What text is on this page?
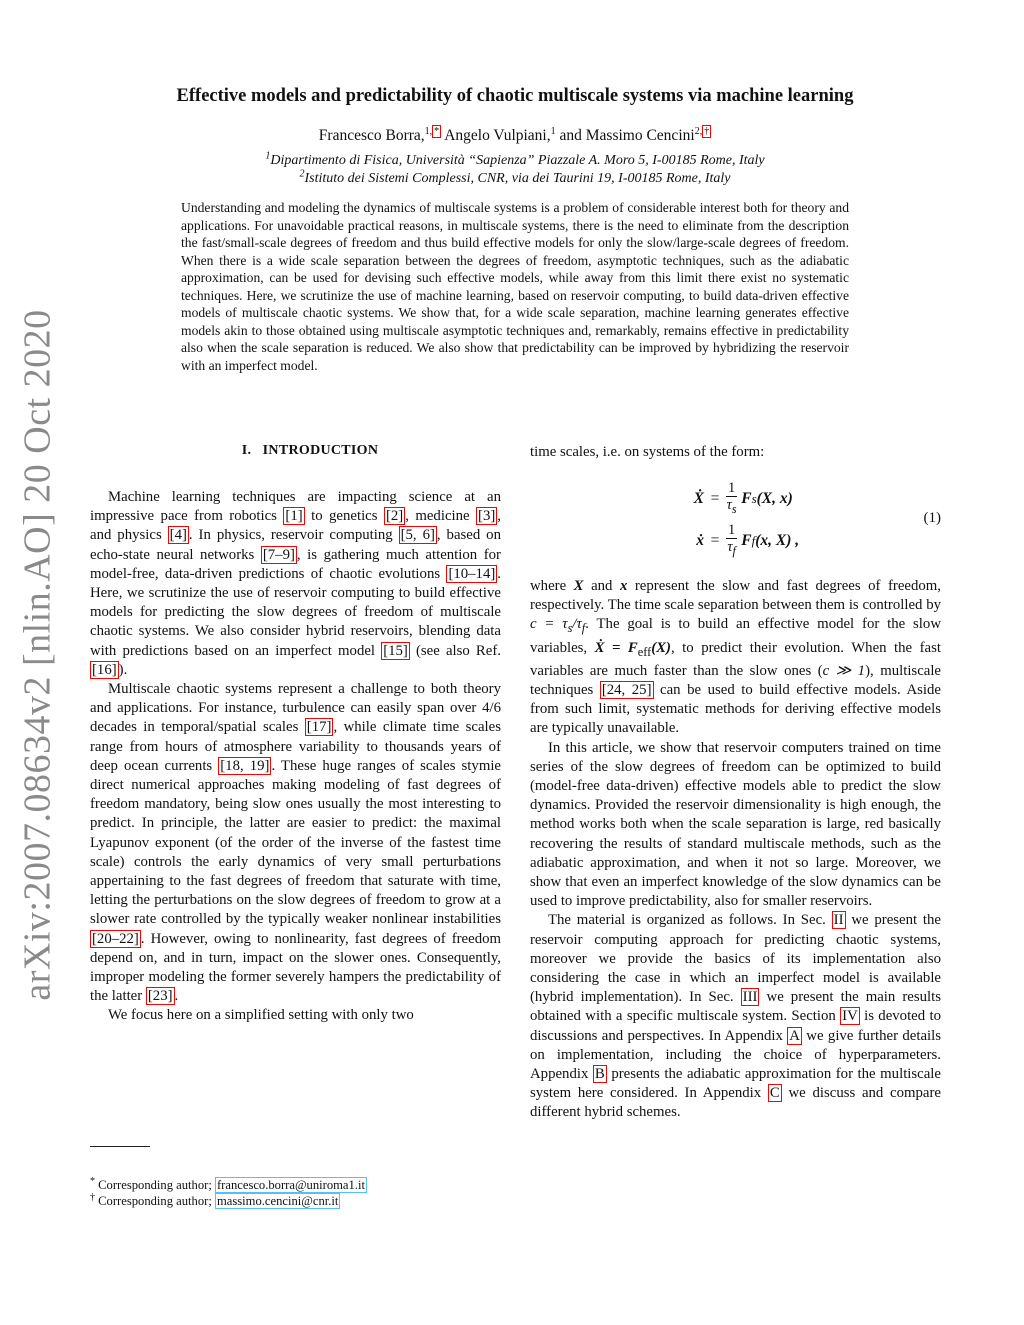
arXiv:2007.08634v2 [nlin.AO] 20 Oct 2020
Effective models and predictability of chaotic multiscale systems via machine learning
Francesco Borra,$^{1, *}$ Angelo Vulpiani,$^1$ and Massimo Cencini$^{2, \dagger}$
$^1$Dipartimento di Fisica, Università “Sapienza” Piazzale A. Moro 5, I-00185 Rome, Italy
$^2$Istituto dei Sistemi Complessi, CNR, via dei Taurini 19, I-00185 Rome, Italy
Understanding and modeling the dynamics of multiscale systems is a problem of considerable interest both for theory and applications. For unavoidable practical reasons, in multiscale systems, there is the need to eliminate from the description the fast/small-scale degrees of freedom and thus build effective models for only the slow/large-scale degrees of freedom. When there is a wide scale separation between the degrees of freedom, asymptotic techniques, such as the adiabatic approximation, can be used for devising such effective models, while away from this limit there exist no systematic techniques. Here, we scrutinize the use of machine learning, based on reservoir computing, to build data-driven effective models of multiscale chaotic systems. We show that, for a wide scale separation, machine learning generates effective models akin to those obtained using multiscale asymptotic techniques and, remarkably, remains effective in predictability also when the scale separation is reduced. We also show that predictability can be improved by hybridizing the reservoir with an imperfect model.
I. INTRODUCTION

Machine learning techniques are impacting science at an impressive pace from robotics [1] to genetics [2] , medicine [3] , and physics [4] . In physics, reservoir computing [5, 6] , based on echo-state neural networks [7–9] , is gathering much attention for model-free, data-driven predictions of chaotic evolutions [10–14] . Here, we scrutinize the use of reservoir computing to build effective models for predicting the slow degrees of freedom of multiscale chaotic systems. We also consider hybrid reservoirs, blending data with predictions based on an imperfect model [15] (see also Ref. [16] ).

Multiscale chaotic systems represent a challenge to both theory and applications. For instance, turbulence can easily span over 4/6 decades in temporal/spatial scales [17] , while climate time scales range from hours of atmosphere variability to thousands years of deep ocean currents [18, 19] . These huge ranges of scales stymie direct numerical approaches making modeling of fast degrees of freedom mandatory, being slow ones usually the most interesting to predict. In principle, the latter are easier to predict: the maximal Lyapunov exponent (of the order of the inverse of the fastest time scale) controls the early dynamics of very small perturbations appertaining to the fast degrees of freedom that saturate with time, letting the perturbations on the slow degrees of freedom to grow at a slower rate controlled by the typically weaker nonlinear instabilities [20–22] . However, owing to nonlinearity, fast degrees of freedom depend on, and in turn, impact on the slower ones. Consequently, improper modeling the former severely hampers the predictability of the latter [23] .

We focus here on a simplified setting with only two

time scales, i.e. on systems of the form:

Ẋ = $\frac{1}{\tau_s}$ F s (X, x)
ẋ = $\frac{1}{\tau_f}$ F f (x, X) ,
(1)

where X and x represent the slow and fast degrees of freedom, respectively. The time scale separation between them is controlled by $c = \tau_s/\tau_f$. The goal is to build an effective model for the slow variables, Ẋ = $F_{eff}(X)$, to predict their evolution. When the fast variables are much faster than the slow ones (c ≫ 1), multiscale techniques [24, 25] can be used to build effective models. Aside from such limit, systematic methods for deriving effective models are typically unavailable.

In this article, we show that reservoir computers trained on time series of the slow degrees of freedom can be optimized to build (model-free data-driven) effective models able to predict the slow dynamics. Provided the reservoir dimensionality is high enough, the method works both when the scale separation is large, red basically recovering the results of standard multiscale methods, such as the adiabatic approximation, and when it not so large. Moreover, we show that even an imperfect knowledge of the slow dynamics can be used to improve predictability, also for smaller reservoirs.

The material is organized as follows. In Sec. II we present the reservoir computing approach for predicting chaotic systems, moreover we provide the basics of its implementation also considering the case in which an imperfect model is available (hybrid implementation). In Sec. III we present the main results obtained with a specific multiscale system. Section IV is devoted to discussions and perspectives. In Appendix A we give further details on implementation, including the choice of hyperparameters. Appendix B presents the adiabatic approximation for the multiscale system here considered. In Appendix C we discuss and compare different hybrid schemes.

* Corresponding author; francesco.borra@uniroma1.it
† Corresponding author; massimo.cencini@cnr.it
